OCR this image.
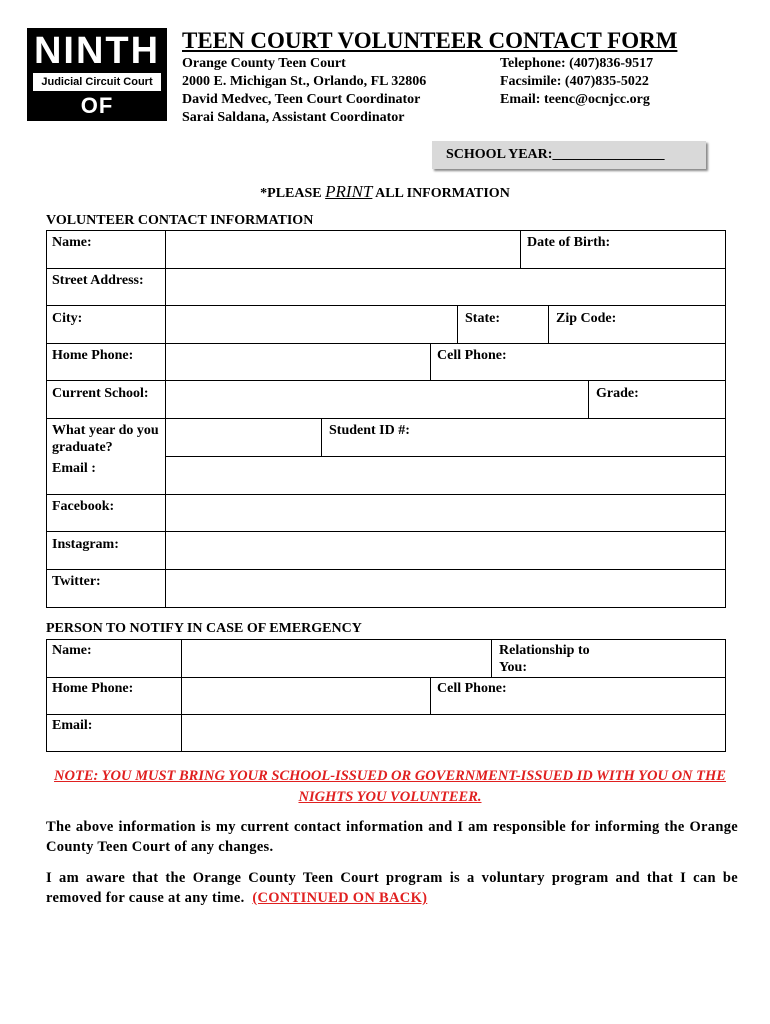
NINTH
Judicial Circuit Court
OF FLORIDA
TEEN COURT VOLUNTEER CONTACT FORM
Orange County Teen Court
2000 E. Michigan St., Orlando, FL 32806
David Medvec, Teen Court Coordinator
Sarai Saldana, Assistant Coordinator
Telephone: (407)836-9517
Facsimile: (407)835-5022
Email: teenc@ocnjcc.org
SCHOOL YEAR:________________
*PLEASE PRINT ALL INFORMATION
VOLUNTEER CONTACT INFORMATION
Name:	Date of Birth:
Street Address:
City:	State:	Zip Code:
Home Phone:	Cell Phone:
Current School:	Grade:
What year do you graduate?
Student ID #:
Email :
Facebook:
Instagram:
Twitter:
PERSON TO NOTIFY IN CASE OF EMERGENCY
Name:	Relationship to You:
Home Phone:	Cell Phone:
Email:
NOTE: YOU MUST BRING YOUR SCHOOL-ISSUED OR GOVERNMENT-ISSUED ID WITH YOU ON THE NIGHTS YOU VOLUNTEER.
The above information is my current contact information and I am responsible for informing the Orange County Teen Court of any changes.
I am aware that the Orange County Teen Court program is a voluntary program and that I can be removed for cause at any time. (CONTINUED ON BACK)
